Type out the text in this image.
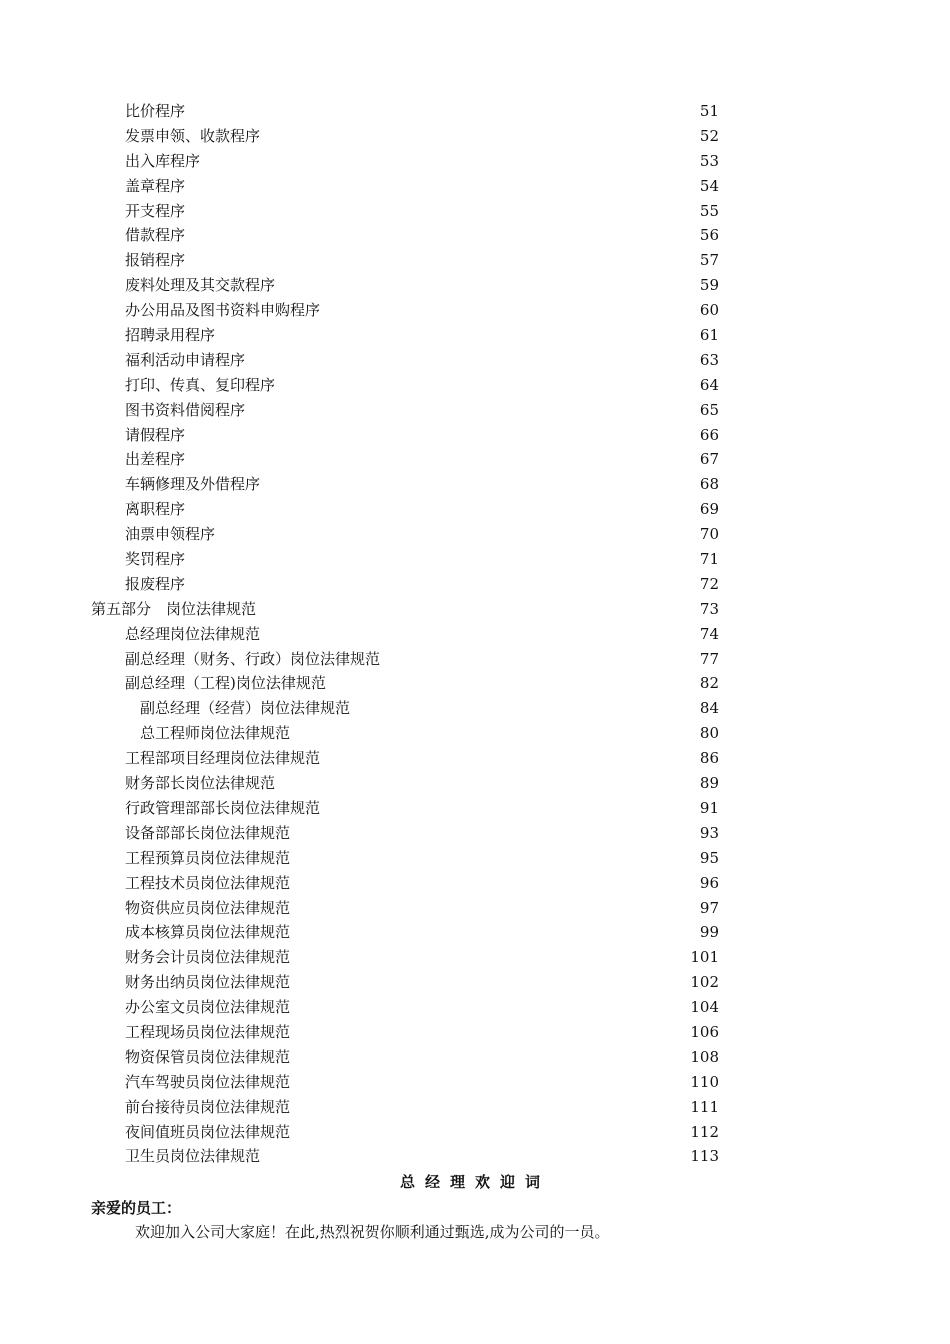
比价程序	51
发票申领、收款程序	52
出入库程序	53
盖章程序	54
开支程序	55
借款程序	56
报销程序	57
废料处理及其交款程序	59
办公用品及图书资料申购程序	60
招聘录用程序	61
福利活动申请程序	63
打印、传真、复印程序	64
图书资料借阅程序	65
请假程序	66
出差程序	67
车辆修理及外借程序	68
离职程序	69
油票申领程序	70
奖罚程序	71
报废程序	72
第五部分　岗位法律规范	73
总经理岗位法律规范	74
副总经理（财务、行政）岗位法律规范	77
副总经理（工程)岗位法律规范	82
副总经理（经营）岗位法律规范	84
总工程师岗位法律规范	80
工程部项目经理岗位法律规范	86
财务部长岗位法律规范	89
行政管理部部长岗位法律规范	91
设备部部长岗位法律规范	93
工程预算员岗位法律规范	95
工程技术员岗位法律规范	96
物资供应员岗位法律规范	97
成本核算员岗位法律规范	99
财务会计员岗位法律规范	101
财务出纳员岗位法律规范	102
办公室文员岗位法律规范	104
工程现场员岗位法律规范	106
物资保管员岗位法律规范	108
汽车驾驶员岗位法律规范	110
前台接待员岗位法律规范	111
夜间值班员岗位法律规范	112
卫生员岗位法律规范	113
总经理欢迎词
亲爱的员工：
欢迎加入公司大家庭！在此,热烈祝贺你顺利通过甄选,成为公司的一员。
